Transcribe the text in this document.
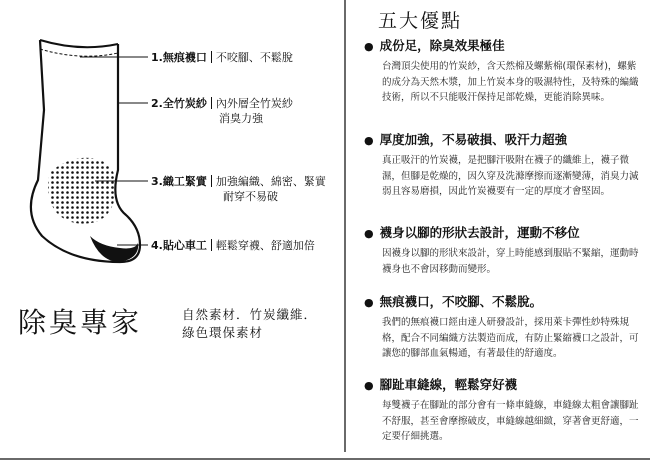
1.無痕襪口 不咬腳、不鬆脫
2.全竹炭紗 內外層全竹炭紗
消臭力強
3.織工緊實 加強編織、綿密、緊實
耐穿不易破
4.貼心車工 輕鬆穿襪、舒適加倍
除臭專家	自然素材．竹炭纖維．
綠色環保素材
五大優點
● 成份足，除臭效果極佳

台灣頂尖使用的竹炭紗，含天然棉及螺紫棉(環保素材)，螺紫的成分為天然木漿，加上竹炭本身的吸濕特性，及特殊的編織技術，所以不只能吸汗保持足部乾燥，更能消除異味。

● 厚度加強，不易破損、吸汗力超強

真正吸汗的竹炭襪，是把腳汗吸附在襪子的纖維上，襪子微濕，但腳是乾燥的，因久穿及洗滌摩擦而逐漸變薄，消臭力減弱且容易磨損，因此竹炭襪要有一定的厚度才會堅固。

● 襪身以腳的形狀去設計，運動不移位

因襪身以腳的形狀來設計，穿上時能感到服貼不緊縮，運動時襪身也不會因移動而變形。

● 無痕襪口，不咬腳、不鬆脫。

我們的無痕襪口經由達人研發設計，採用萊卡彈性紗特殊規格，配合不同編織方法製造而成，有防止緊縮襪口之設計，可讓您的腳部血氣暢通，有著最佳的舒適度。

● 腳趾車縫線，輕鬆穿好襪

每雙襪子在腳趾的部分會有一條車縫線，車縫線太粗會讓腳趾不舒服，甚至會摩擦破皮，車縫線越細緻，穿著會更舒適，一定要仔細挑選。
